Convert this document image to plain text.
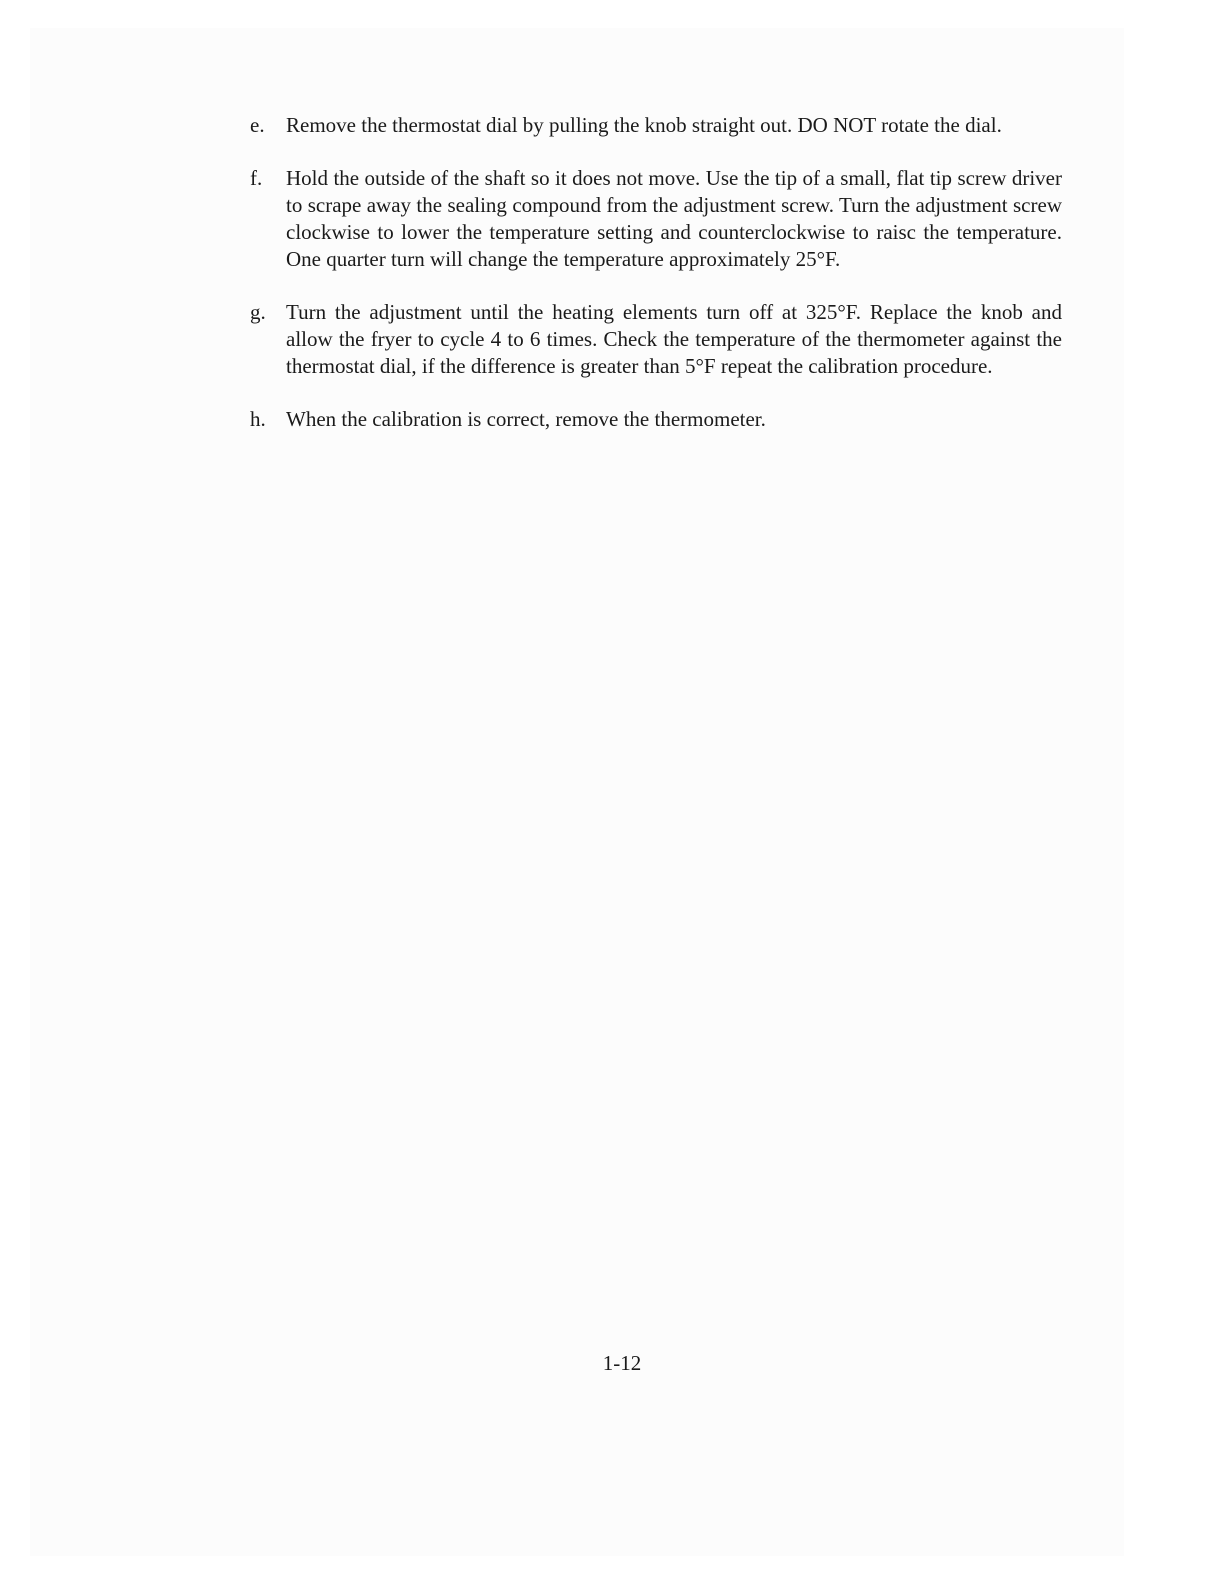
e.	Remove the thermostat dial by pulling the knob straight out. DO NOT rotate the dial.
f.	Hold the outside of the shaft so it does not move. Use the tip of a small, flat tip screw driver to scrape away the sealing compound from the adjustment screw. Turn the adjustment screw clockwise to lower the temperature setting and counterclockwise to raisc the temperature. One quarter turn will change the temperature approximately 25°F.
g. Turn the adjustment until the heating elements turn off at 325°F. Replace the knob and allow the fryer to cycle 4 to 6 times. Check the temperature of the thermometer against the thermostat dial, if the difference is greater than 5°F repeat the calibration procedure.
h. When the calibration is correct, remove the thermometer.
1-12
